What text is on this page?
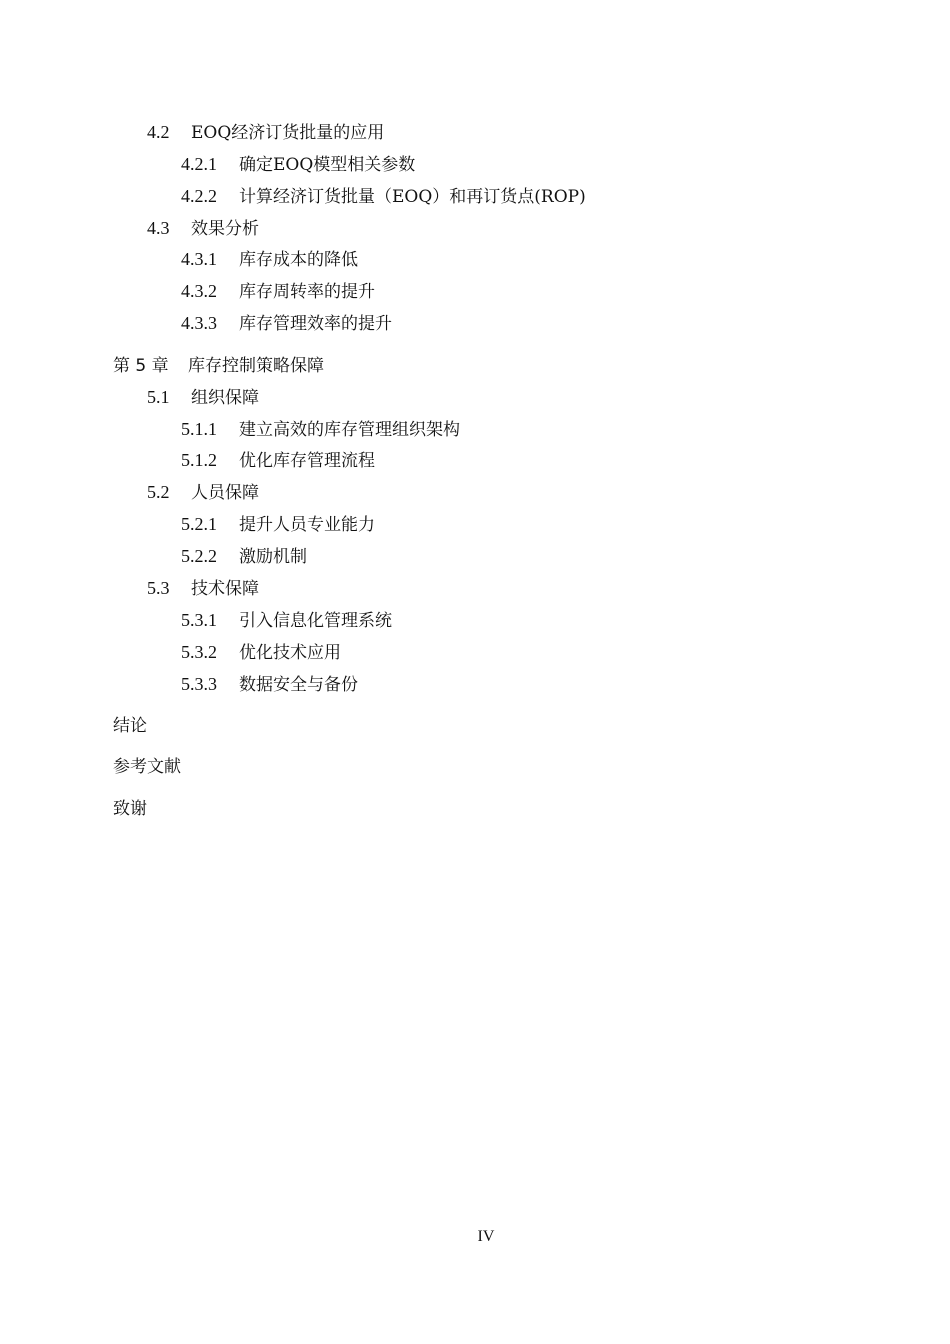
4.2 EOQ经济订货批量的应用
4.2.1 确定EOQ模型相关参数
4.2.2 计算经济订货批量（EOQ）和再订货点(ROP)
4.3 效果分析
4.3.1 库存成本的降低
4.3.2 库存周转率的提升
4.3.3 库存管理效率的提升
第 5 章 库存控制策略保障
5.1 组织保障
5.1.1 建立高效的库存管理组织架构
5.1.2 优化库存管理流程
5.2 人员保障
5.2.1 提升人员专业能力
5.2.2 激励机制
5.3 技术保障
5.3.1 引入信息化管理系统
5.3.2 优化技术应用
5.3.3 数据安全与备份
结论
参考文献
致谢
IV
